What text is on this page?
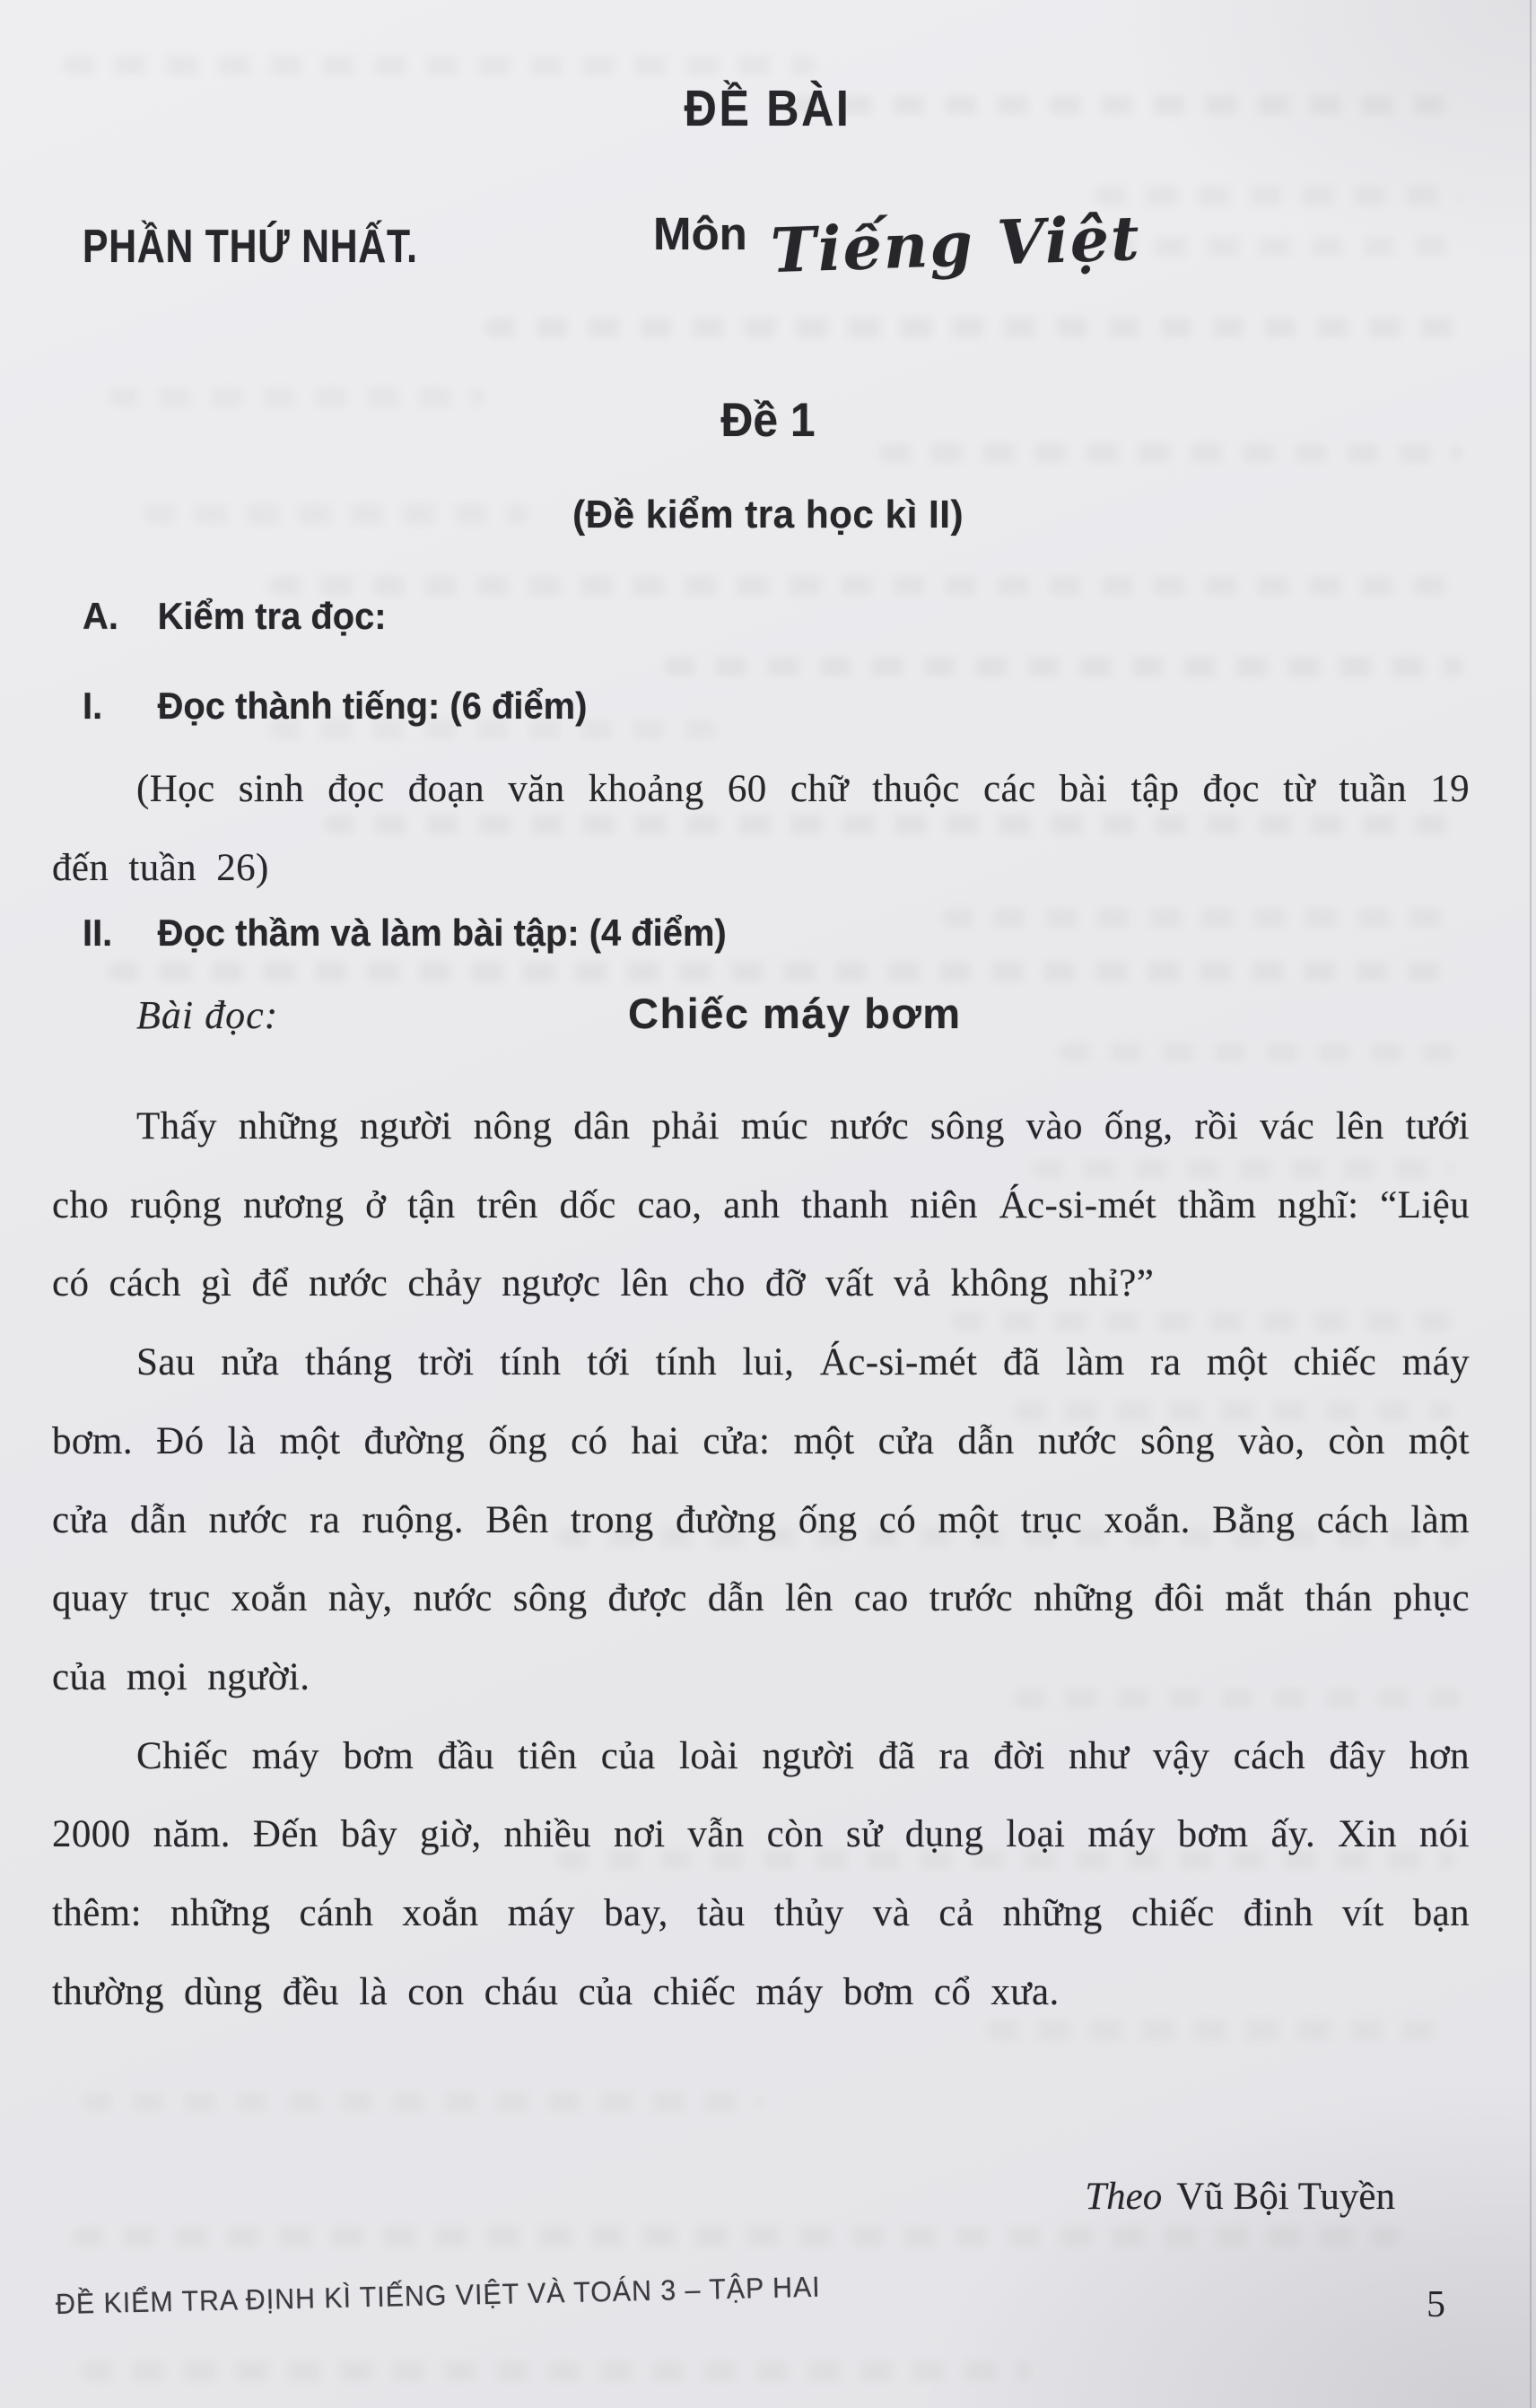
ĐỀ BÀI
PHẦN THỨ NHẤT.	Môn Tiếng Việt
Đề 1
(Đề kiểm tra học kì II)
A. Kiểm tra đọc:
I. Đọc thành tiếng: (6 điểm)
(Học sinh đọc đoạn văn khoảng 60 chữ thuộc các bài tập đọc từ tuần 19 đến tuần 26)
II. Đọc thầm và làm bài tập: (4 điểm)
Bài đọc:	Chiếc máy bơm

Thấy những người nông dân phải múc nước sông vào ống, rồi vác lên tưới cho ruộng nương ở tận trên dốc cao, anh thanh niên Ác-si-mét thầm nghĩ: “Liệu có cách gì để nước chảy ngược lên cho đỡ vất vả không nhỉ?”

Sau nửa tháng trời tính tới tính lui, Ác-si-mét đã làm ra một chiếc máy bơm. Đó là một đường ống có hai cửa: một cửa dẫn nước sông vào, còn một cửa dẫn nước ra ruộng. Bên trong đường ống có một trục xoắn. Bằng cách làm quay trục xoắn này, nước sông được dẫn lên cao trước những đôi mắt thán phục của mọi người.

Chiếc máy bơm đầu tiên của loài người đã ra đời như vậy cách đây hơn 2000 năm. Đến bây giờ, nhiều nơi vẫn còn sử dụng loại máy bơm ấy. Xin nói thêm: những cánh xoắn máy bay, tàu thủy và cả những chiếc đinh vít bạn thường dùng đều là con cháu của chiếc máy bơm cổ xưa.

Theo Vũ Bội Tuyền
ĐỀ KIỂM TRA ĐỊNH KÌ TIẾNG VIỆT VÀ TOÁN 3 – TẬP HAI	5
